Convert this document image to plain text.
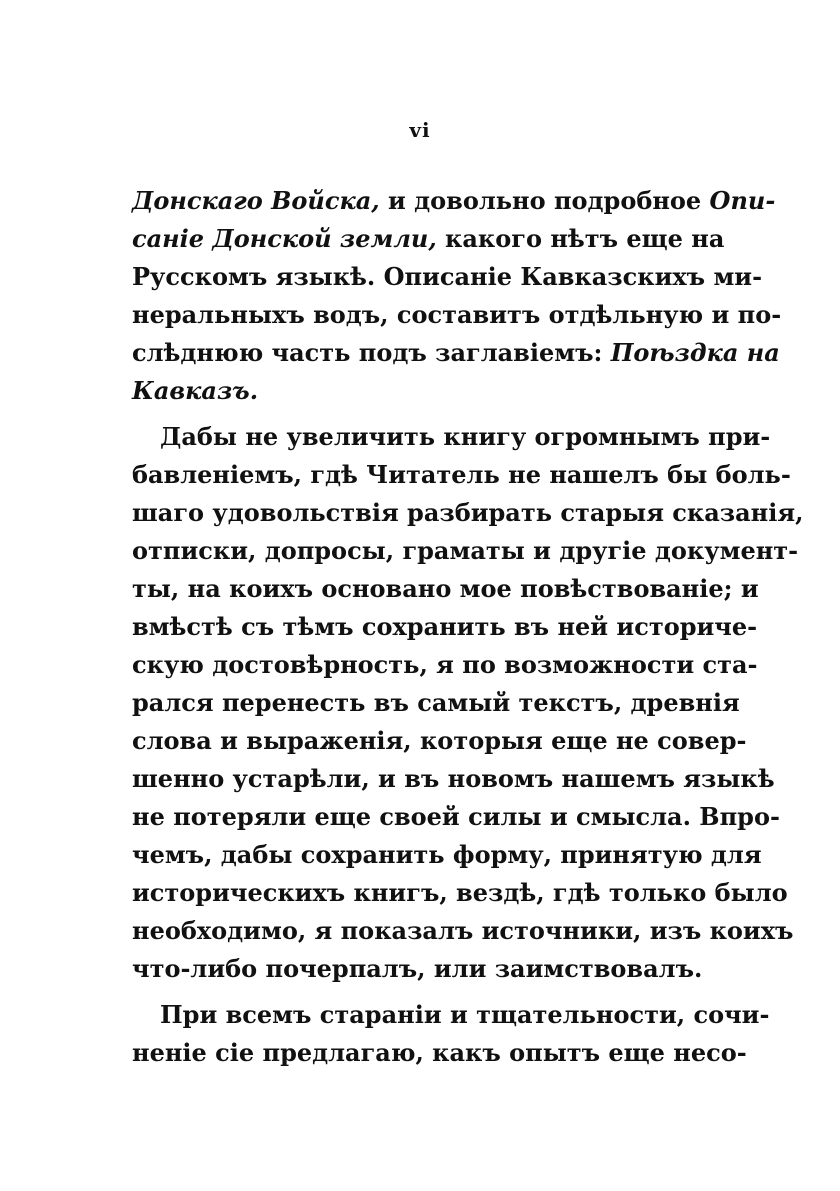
vi
Донскаго Войска, и довольно подробное Опи-
саніе Донской земли, какого нѣтъ еще на
Русскомъ языкѣ. Описаніе Кавказскихъ ми-
неральныхъ водъ, составитъ отдѣльную и по-
слѣднюю часть подъ заглавіемъ: Поѣздка на
Кавказъ.
Дабы не увеличить книгу огромнымъ при-
бавленіемъ, гдѣ Читатель не нашелъ бы боль-
шаго удовольствія разбирать старыя сказанія,
отписки, допросы, граматы и другіе документ-
ты, на коихъ основано мое повѣствованіе; и
вмѣстѣ съ тѣмъ сохранить въ ней историче-
скую достовѣрность, я по возможности ста-
рался перенесть въ самый текстъ, древнія
слова и выраженія, которыя еще не совер-
шенно устарѣли, и въ новомъ нашемъ языкѣ
не потеряли еще своей силы и смысла. Впро-
чемъ, дабы сохранить форму, принятую для
историческихъ книгъ, вездѣ, гдѣ только было
необходимо, я показалъ источники, изъ коихъ
что-либо почерпалъ, или заимствовалъ.
При всемъ стараніи и тщательности, сочи-
неніе сіе предлагаю, какъ опытъ еще несо-
